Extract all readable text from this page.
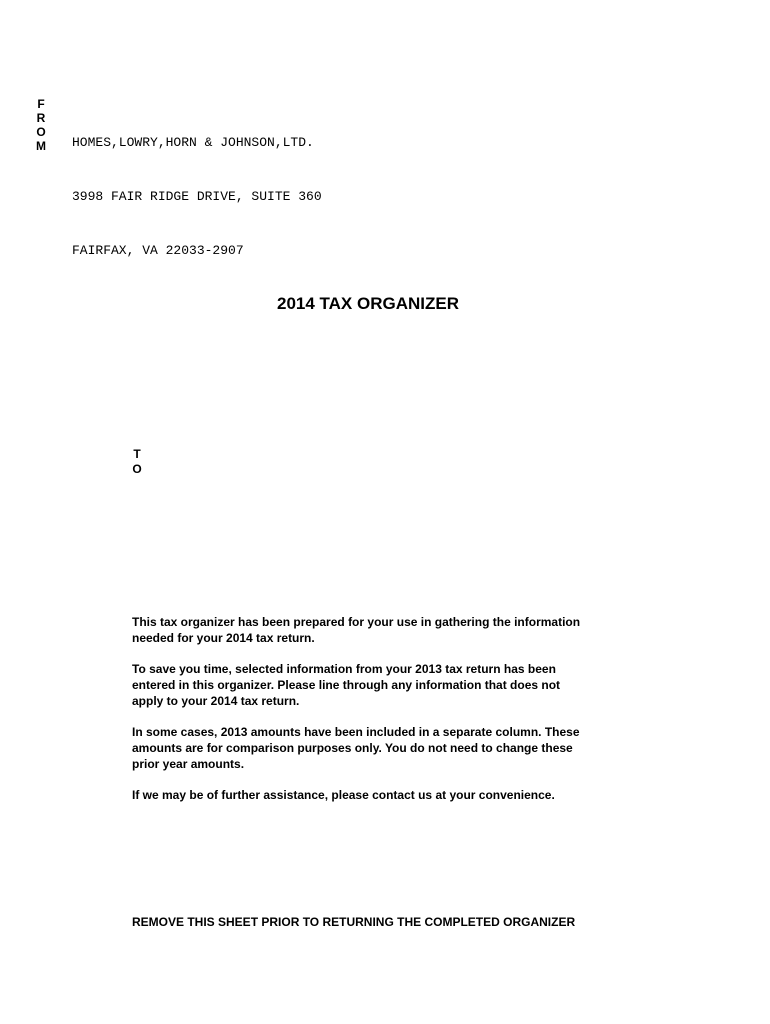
F
R
O
M

HOMES,LOWRY,HORN & JOHNSON,LTD.

3998 FAIR RIDGE DRIVE, SUITE 360

FAIRFAX, VA 22033-2907

2014 TAX ORGANIZER
T
O

This tax organizer has been prepared for your use in gathering the information
needed for your 2014 tax return.

To save you time, selected information from your 2013 tax return has been
entered in this organizer. Please line through any information that does not
apply to your 2014 tax return.

In some cases, 2013 amounts have been included in a separate column. These
amounts are for comparison purposes only. You do not need to change these
prior year amounts.

If we may be of further assistance, please contact us at your convenience.

REMOVE THIS SHEET PRIOR TO RETURNING THE COMPLETED ORGANIZER
